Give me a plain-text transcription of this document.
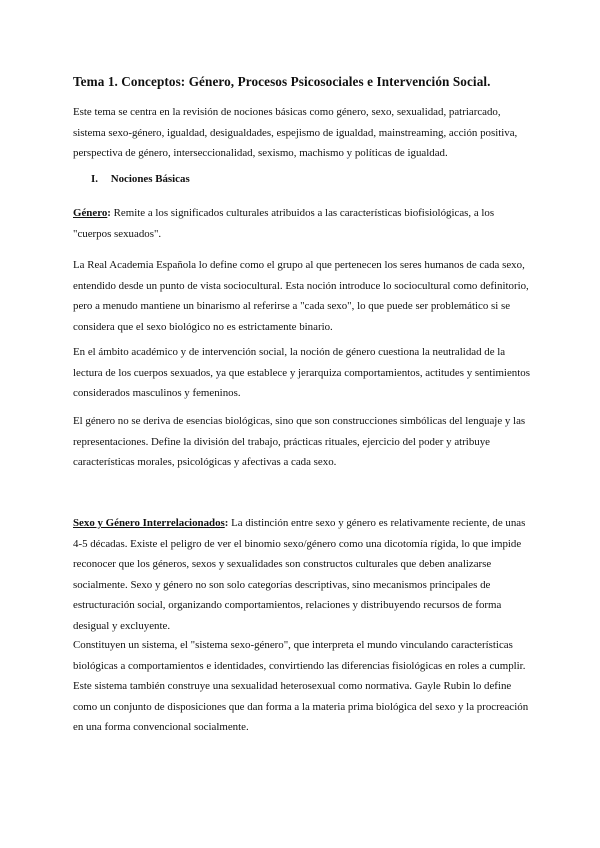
Tema 1. Conceptos: Género, Procesos Psicosociales e Intervención Social.

Este tema se centra en la revisión de nociones básicas como género, sexo, sexualidad, patriarcado, sistema sexo-género, igualdad, desigualdades, espejismo de igualdad, mainstreaming, acción positiva, perspectiva de género, interseccionalidad, sexismo, machismo y políticas de igualdad.

I. Nociones Básicas

Género: Remite a los significados culturales atribuidos a las características biofisiológicas, a los "cuerpos sexuados".

La Real Academia Española lo define como el grupo al que pertenecen los seres humanos de cada sexo, entendido desde un punto de vista sociocultural. Esta noción introduce lo sociocultural como definitorio, pero a menudo mantiene un binarismo al referirse a "cada sexo", lo que puede ser problemático si se considera que el sexo biológico no es estrictamente binario.

En el ámbito académico y de intervención social, la noción de género cuestiona la neutralidad de la lectura de los cuerpos sexuados, ya que establece y jerarquiza comportamientos, actitudes y sentimientos considerados masculinos y femeninos.

El género no se deriva de esencias biológicas, sino que son construcciones simbólicas del lenguaje y las representaciones. Define la división del trabajo, prácticas rituales, ejercicio del poder y atribuye características morales, psicológicas y afectivas a cada sexo.

Sexo y Género Interrelacionados: La distinción entre sexo y género es relativamente reciente, de unas 4-5 décadas. Existe el peligro de ver el binomio sexo/género como una dicotomía rígida, lo que impide reconocer que los géneros, sexos y sexualidades son constructos culturales que deben analizarse socialmente. Sexo y género no son solo categorías descriptivas, sino mecanismos principales de estructuración social, organizando comportamientos, relaciones y distribuyendo recursos de forma desigual y excluyente.

Constituyen un sistema, el "sistema sexo-género", que interpreta el mundo vinculando características biológicas a comportamientos e identidades, convirtiendo las diferencias fisiológicas en roles a cumplir. Este sistema también construye una sexualidad heterosexual como normativa. Gayle Rubin lo define como un conjunto de disposiciones que dan forma a la materia prima biológica del sexo y la procreación en una forma convencional socialmente.
